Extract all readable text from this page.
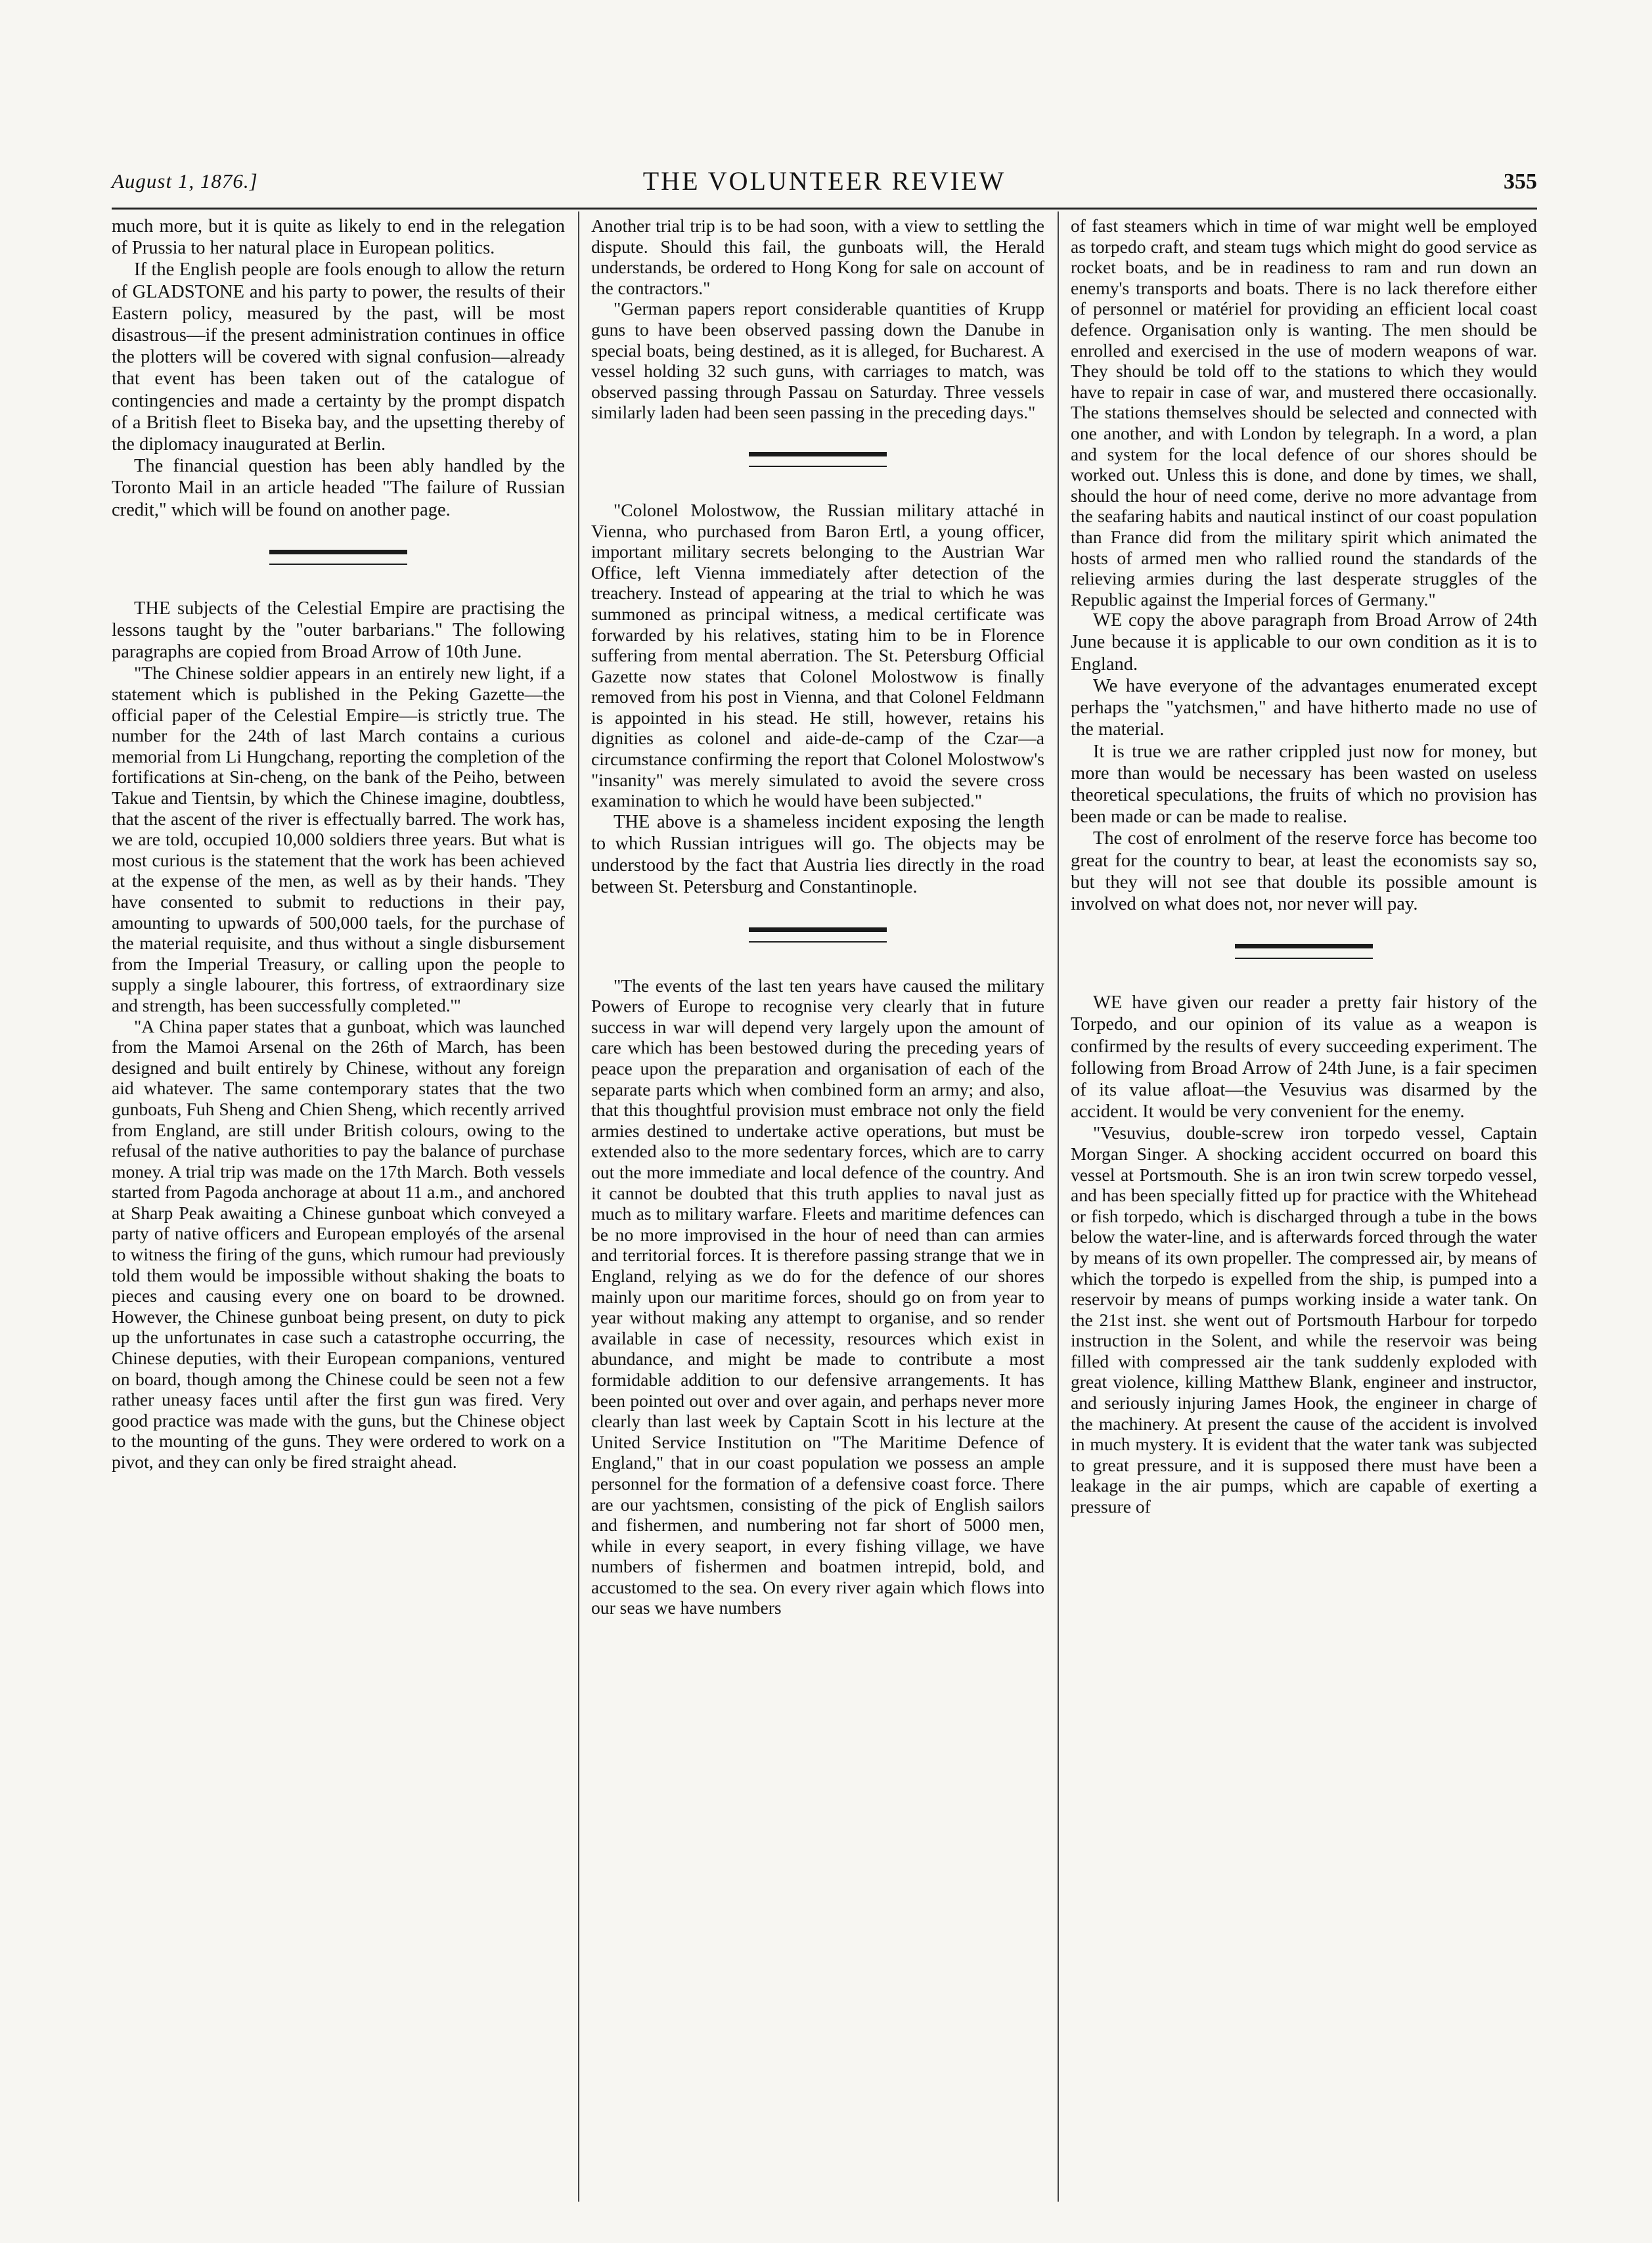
August 1, 1876.]	THE VOLUNTEER REVIEW	355

much more, but it is quite as likely to end in the relegation of Prussia to her natural place in European politics.

If the English people are fools enough to allow the return of GLADSTONE and his party to power, the results of their Eastern policy, measured by the past, will be most disastrous—if the present administration continues in office the plotters will be covered with signal confusion—already that event has been taken out of the catalogue of contingencies and made a certainty by the prompt dispatch of a British fleet to Biseka bay, and the upsetting thereby of the diplomacy inaugurated at Berlin.

The financial question has been ably handled by the Toronto Mail in an article headed "The failure of Russian credit," which will be found on another page.

THE subjects of the Celestial Empire are practising the lessons taught by the "outer barbarians." The following paragraphs are copied from Broad Arrow of 10th June.

"The Chinese soldier appears in an entirely new light, if a statement which is published in the Peking Gazette—the official paper of the Celestial Empire—is strictly true. The number for the 24th of last March contains a curious memorial from Li Hungchang, reporting the completion of the fortifications at Sin-cheng, on the bank of the Peiho, between Takue and Tientsin, by which the Chinese imagine, doubtless, that the ascent of the river is effectually barred. The work has, we are told, occupied 10,000 soldiers three years. But what is most curious is the statement that the work has been achieved at the expense of the men, as well as by their hands. 'They have consented to submit to reductions in their pay, amounting to upwards of 500,000 taels, for the purchase of the material requisite, and thus without a single disbursement from the Imperial Treasury, or calling upon the people to supply a single labourer, this fortress, of extraordinary size and strength, has been successfully completed.'"

"A China paper states that a gunboat, which was launched from the Mamoi Arsenal on the 26th of March, has been designed and built entirely by Chinese, without any foreign aid whatever. The same contemporary states that the two gunboats, Fuh Sheng and Chien Sheng, which recently arrived from England, are still under British colours, owing to the refusal of the native authorities to pay the balance of purchase money. A trial trip was made on the 17th March. Both vessels started from Pagoda anchorage at about 11 a.m., and anchored at Sharp Peak awaiting a Chinese gunboat which conveyed a party of native officers and European employés of the arsenal to witness the firing of the guns, which rumour had previously told them would be impossible without shaking the boats to pieces and causing every one on board to be drowned. However, the Chinese gunboat being present, on duty to pick up the unfortunates in case such a catastrophe occurring, the Chinese deputies, with their European companions, ventured on board, though among the Chinese could be seen not a few rather uneasy faces until after the first gun was fired. Very good practice was made with the guns, but the Chinese object to the mounting of the guns. They were ordered to work on a pivot, and they can only be fired straight ahead.

Another trial trip is to be had soon, with a view to settling the dispute. Should this fail, the gunboats will, the Herald understands, be ordered to Hong Kong for sale on account of the contractors."

"German papers report considerable quantities of Krupp guns to have been observed passing down the Danube in special boats, being destined, as it is alleged, for Bucharest. A vessel holding 32 such guns, with carriages to match, was observed passing through Passau on Saturday. Three vessels similarly laden had been seen passing in the preceding days."

"Colonel Molostwow, the Russian military attaché in Vienna, who purchased from Baron Ertl, a young officer, important military secrets belonging to the Austrian War Office, left Vienna immediately after detection of the treachery. Instead of appearing at the trial to which he was summoned as principal witness, a medical certificate was forwarded by his relatives, stating him to be in Florence suffering from mental aberration. The St. Petersburg Official Gazette now states that Colonel Molostwow is finally removed from his post in Vienna, and that Colonel Feldmann is appointed in his stead. He still, however, retains his dignities as colonel and aide-de-camp of the Czar—a circumstance confirming the report that Colonel Molostwow's "insanity" was merely simulated to avoid the severe cross examination to which he would have been subjected."

THE above is a shameless incident exposing the length to which Russian intrigues will go. The objects may be understood by the fact that Austria lies directly in the road between St. Petersburg and Constantinople.

"The events of the last ten years have caused the military Powers of Europe to recognise very clearly that in future success in war will depend very largely upon the amount of care which has been bestowed during the preceding years of peace upon the preparation and organisation of each of the separate parts which when combined form an army; and also, that this thoughtful provision must embrace not only the field armies destined to undertake active operations, but must be extended also to the more sedentary forces, which are to carry out the more immediate and local defence of the country. And it cannot be doubted that this truth applies to naval just as much as to military warfare. Fleets and maritime defences can be no more improvised in the hour of need than can armies and territorial forces. It is therefore passing strange that we in England, relying as we do for the defence of our shores mainly upon our maritime forces, should go on from year to year without making any attempt to organise, and so render available in case of necessity, resources which exist in abundance, and might be made to contribute a most formidable addition to our defensive arrangements. It has been pointed out over and over again, and perhaps never more clearly than last week by Captain Scott in his lecture at the United Service Institution on "The Maritime Defence of England," that in our coast population we possess an ample personnel for the formation of a defensive coast force. There are our yachtsmen, consisting of the pick of English sailors and fishermen, and numbering not far short of 5000 men, while in every seaport, in every fishing village, we have numbers of fishermen and boatmen intrepid, bold, and accustomed to the sea. On every river again which flows into our seas we have numbers

of fast steamers which in time of war might well be employed as torpedo craft, and steam tugs which might do good service as rocket boats, and be in readiness to ram and run down an enemy's transports and boats. There is no lack therefore either of personnel or matériel for providing an efficient local coast defence. Organisation only is wanting. The men should be enrolled and exercised in the use of modern weapons of war. They should be told off to the stations to which they would have to repair in case of war, and mustered there occasionally. The stations themselves should be selected and connected with one another, and with London by telegraph. In a word, a plan and system for the local defence of our shores should be worked out. Unless this is done, and done by times, we shall, should the hour of need come, derive no more advantage from the seafaring habits and nautical instinct of our coast population than France did from the military spirit which animated the hosts of armed men who rallied round the standards of the relieving armies during the last desperate struggles of the Republic against the Imperial forces of Germany."

WE copy the above paragraph from Broad Arrow of 24th June because it is applicable to our own condition as it is to England.

We have everyone of the advantages enumerated except perhaps the "yatchsmen," and have hitherto made no use of the material.

It is true we are rather crippled just now for money, but more than would be necessary has been wasted on useless theoretical speculations, the fruits of which no provision has been made or can be made to realise.

The cost of enrolment of the reserve force has become too great for the country to bear, at least the economists say so, but they will not see that double its possible amount is involved on what does not, nor never will pay.

WE have given our reader a pretty fair history of the Torpedo, and our opinion of its value as a weapon is confirmed by the results of every succeeding experiment. The following from Broad Arrow of 24th June, is a fair specimen of its value afloat—the Vesuvius was disarmed by the accident. It would be very convenient for the enemy.

"Vesuvius, double-screw iron torpedo vessel, Captain Morgan Singer. A shocking accident occurred on board this vessel at Portsmouth. She is an iron twin screw torpedo vessel, and has been specially fitted up for practice with the Whitehead or fish torpedo, which is discharged through a tube in the bows below the water-line, and is afterwards forced through the water by means of its own propeller. The compressed air, by means of which the torpedo is expelled from the ship, is pumped into a reservoir by means of pumps working inside a water tank. On the 21st inst. she went out of Portsmouth Harbour for torpedo instruction in the Solent, and while the reservoir was being filled with compressed air the tank suddenly exploded with great violence, killing Matthew Blank, engineer and instructor, and seriously injuring James Hook, the engineer in charge of the machinery. At present the cause of the accident is involved in much mystery. It is evident that the water tank was subjected to great pressure, and it is supposed there must have been a leakage in the air pumps, which are capable of exerting a pressure of
